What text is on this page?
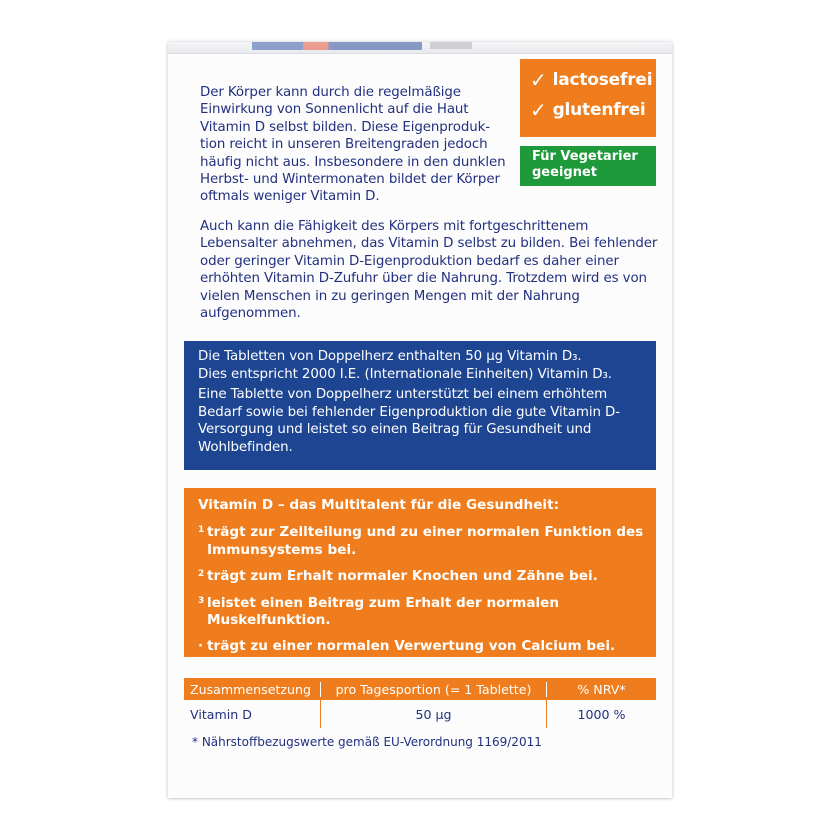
Der Körper kann durch die regelmäßige Einwirkung von Sonnenlicht auf die Haut Vitamin D selbst bilden. Diese Eigenproduk- tion reicht in unseren Breitengraden jedoch häufig nicht aus. Insbesondere in den dunklen Herbst- und Wintermonaten bildet der Körper oftmals weniger Vitamin D.
Auch kann die Fähigkeit des Körpers mit fortgeschrittenem Lebensalter abnehmen, das Vitamin D selbst zu bilden. Bei fehlender oder geringer Vitamin D-Eigenproduktion bedarf es daher einer erhöhten Vitamin D-Zufuhr über die Nahrung. Trotzdem wird es von vielen Menschen in zu geringen Mengen mit der Nahrung aufgenommen.
✓ lactosefrei
✓ glutenfrei
Für Vegetarier geeignet

Die Tabletten von Doppelherz enthalten 50 µg Vitamin D₃.

Dies entspricht 2000 I.E. (Internationale Einheiten) Vitamin D₃.

Eine Tablette von Doppelherz unterstützt bei einem erhöhtem Bedarf sowie bei fehlender Eigenproduktion die gute Vitamin D- Versorgung und leistet so einen Beitrag für Gesundheit und Wohlbefinden.

Vitamin D – das Multitalent für die Gesundheit:
1 trägt zur Zellteilung und zu einer normalen Funktion des Immunsystems bei.
2 trägt zum Erhalt normaler Knochen und Zähne bei.
3 leistet einen Beitrag zum Erhalt der normalen Muskelfunktion.
· trägt zu einer normalen Verwertung von Calcium bei.
Zusammensetzung	pro Tagesportion (= 1 Tablette)	% NRV*
Vitamin D	50 µg	1000 %
* Nährstoffbezugswerte gemäß EU-Verordnung 1169/2011
